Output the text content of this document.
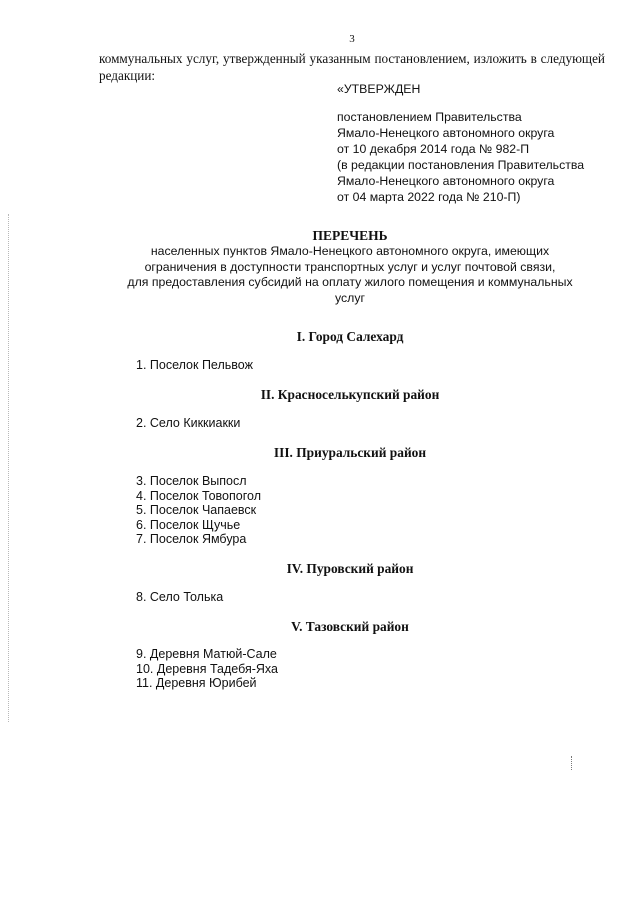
3

коммунальных услуг, утвержденный указанным постановлением, изложить в следующей редакции:

«УТВЕРЖДЕН

постановлением Правительства
Ямало-Ненецкого автономного округа
от 10 декабря 2014 года № 982-П
(в редакции постановления Правительства
Ямало-Ненецкого автономного округа
от 04 марта 2022 года № 210-П)
ПЕРЕЧЕНЬ
населенных пунктов Ямало-Ненецкого автономного округа, имеющих
ограничения в доступности транспортных услуг и услуг почтовой связи,
для предоставления субсидий на оплату жилого помещения и коммунальных
услуг
I. Город Салехард
1. Поселок Пельвож
II. Красноселькупский район
2. Село Киккиакки
III. Приуральский район
3. Поселок Выпосл
4. Поселок Товопогол
5. Поселок Чапаевск
6. Поселок Щучье
7. Поселок Ямбура
IV. Пуровский район
8. Село Толька
V. Тазовский район
9. Деревня Матюй-Сале
10. Деревня Тадебя-Яха
11. Деревня Юрибей
